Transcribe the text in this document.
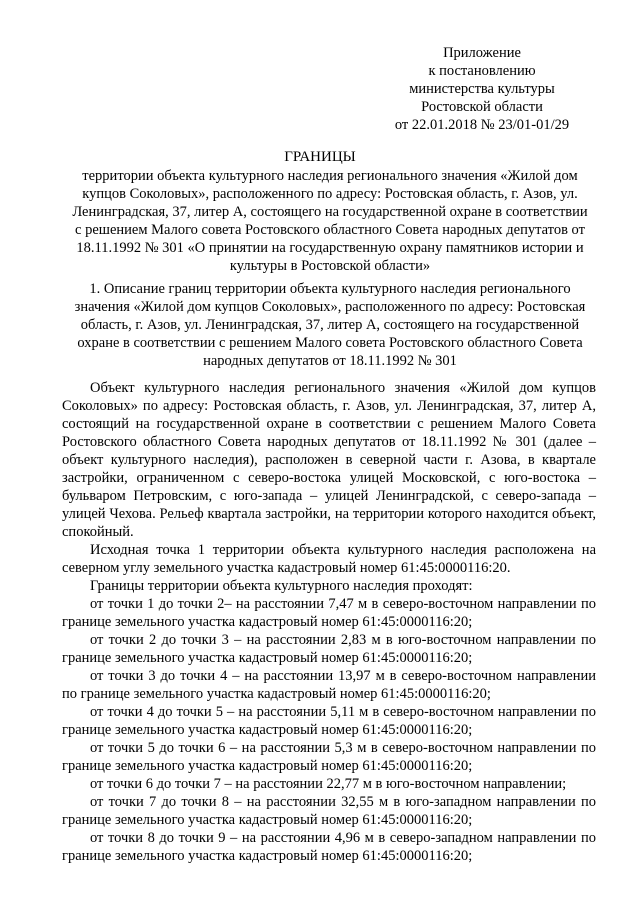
Приложение
к постановлению
министерства культуры
Ростовской области
от 22.01.2018 № 23/01-01/29
ГРАНИЦЫ
территории объекта культурного наследия регионального значения «Жилой дом купцов Соколовых», расположенного по адресу: Ростовская область, г. Азов, ул. Ленинградская, 37, литер А, состоящего на государственной охране в соответствии с решением Малого совета Ростовского областного Совета народных депутатов от 18.11.1992 № 301 «О принятии на государственную охрану памятников истории и культуры в Ростовской области»
1. Описание границ территории объекта культурного наследия регионального значения «Жилой дом купцов Соколовых», расположенного по адресу: Ростовская область, г. Азов, ул. Ленинградская, 37, литер А, состоящего на государственной охране в соответствии с решением Малого совета Ростовского областного Совета народных депутатов от 18.11.1992 № 301

Объект культурного наследия регионального значения «Жилой дом купцов Соколовых» по адресу: Ростовская область, г. Азов, ул. Ленинградская, 37, литер А, состоящий на государственной охране в соответствии с решением Малого Совета Ростовского областного Совета народных депутатов от 18.11.1992 № 301 (далее – объект культурного наследия), расположен в северной части г. Азова, в квартале застройки, ограниченном с северо-востока улицей Московской, с юго-востока – бульваром Петровским, с юго-запада – улицей Ленинградской, с северо-запада – улицей Чехова. Рельеф квартала застройки, на территории которого находится объект, спокойный.

Исходная точка 1 территории объекта культурного наследия расположена на северном углу земельного участка кадастровый номер 61:45:0000116:20.

Границы территории объекта культурного наследия проходят:

от точки 1 до точки 2– на расстоянии 7,47 м в северо-восточном направлении по границе земельного участка кадастровый номер 61:45:0000116:20;

от точки 2 до точки 3 – на расстоянии 2,83 м в юго-восточном направлении по границе земельного участка кадастровый номер 61:45:0000116:20;

от точки 3 до точки 4 – на расстоянии 13,97 м в северо-восточном направлении по границе земельного участка кадастровый номер 61:45:0000116:20;

от точки 4 до точки 5 – на расстоянии 5,11 м в северо-восточном направлении по границе земельного участка кадастровый номер 61:45:0000116:20;

от точки 5 до точки 6 – на расстоянии 5,3 м в северо-восточном направлении по границе земельного участка кадастровый номер 61:45:0000116:20;

от точки 6 до точки 7 – на расстоянии 22,77 м в юго-восточном направлении;

от точки 7 до точки 8 – на расстоянии 32,55 м в юго-западном направлении по границе земельного участка кадастровый номер 61:45:0000116:20;

от точки 8 до точки 9 – на расстоянии 4,96 м в северо-западном направлении по границе земельного участка кадастровый номер 61:45:0000116:20;
